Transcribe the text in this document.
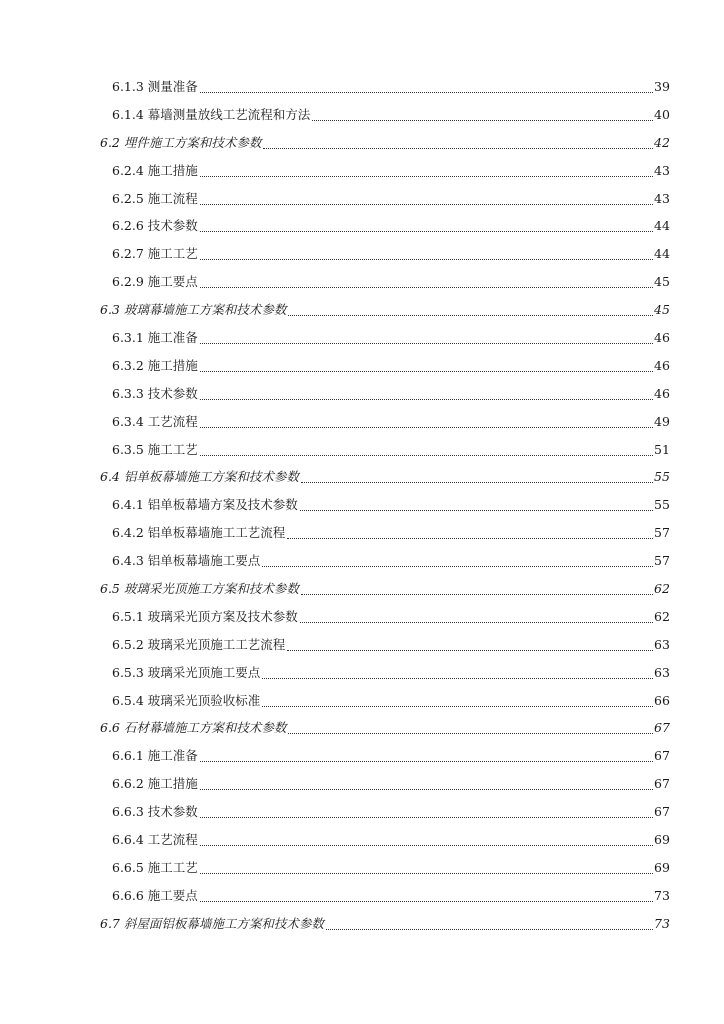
6.1.3 测量准备	39
6.1.4 幕墙测量放线工艺流程和方法	40
6.2 埋件施工方案和技术参数	42
6.2.4 施工措施	43
6.2.5 施工流程	43
6.2.6 技术参数	44
6.2.7 施工工艺	44
6.2.9 施工要点	45
6.3 玻璃幕墙施工方案和技术参数	45
6.3.1 施工准备	46
6.3.2 施工措施	46
6.3.3 技术参数	46
6.3.4 工艺流程	49
6.3.5 施工工艺	51
6.4 铝单板幕墙施工方案和技术参数	55
6.4.1 铝单板幕墙方案及技术参数	55
6.4.2 铝单板幕墙施工工艺流程	57
6.4.3 铝单板幕墙施工要点	57
6.5 玻璃采光顶施工方案和技术参数	62
6.5.1 玻璃采光顶方案及技术参数	62
6.5.2 玻璃采光顶施工工艺流程	63
6.5.3 玻璃采光顶施工要点	63
6.5.4 玻璃采光顶验收标准	66
6.6 石材幕墙施工方案和技术参数	67
6.6.1 施工准备	67
6.6.2 施工措施	67
6.6.3 技术参数	67
6.6.4 工艺流程	69
6.6.5 施工工艺	69
6.6.6 施工要点	73
6.7 斜屋面铝板幕墙施工方案和技术参数	73
